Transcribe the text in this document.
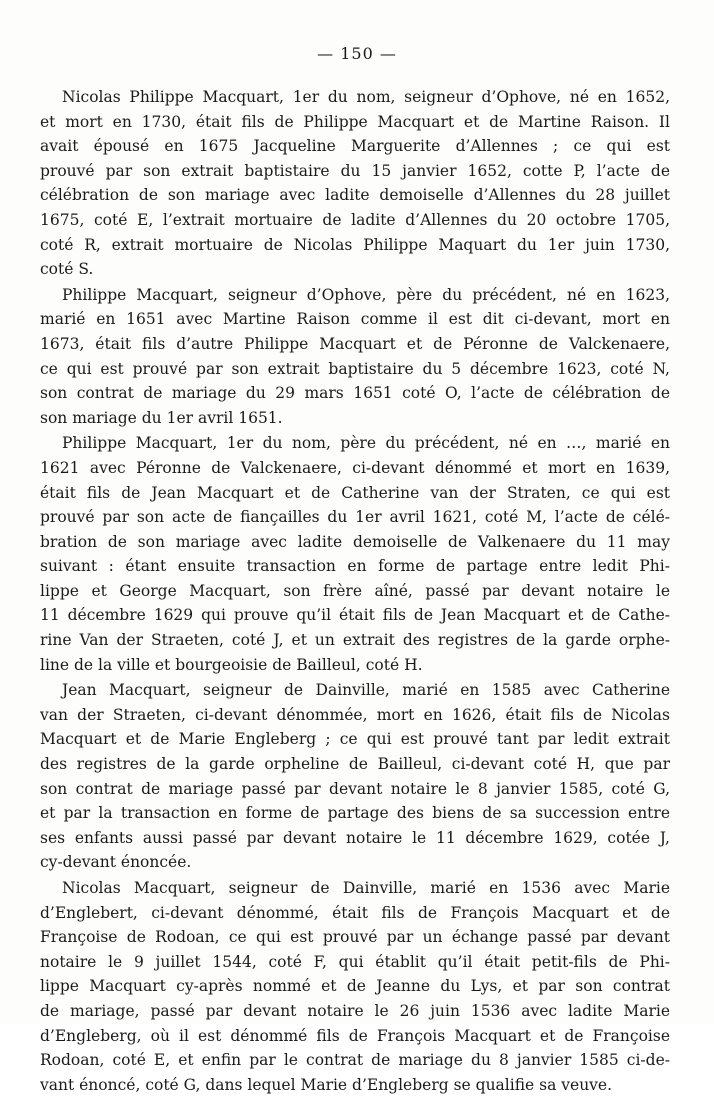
— 150 —

Nicolas Philippe Macquart, 1er du nom, seigneur d’Ophove, né en 1652,
et mort en 1730, était fils de Philippe Macquart et de Martine Raison. Il
avait épousé en 1675 Jacqueline Marguerite d’Allennes ; ce qui est
prouvé par son extrait baptistaire du 15 janvier 1652, cotte P, l’acte de
célébration de son mariage avec ladite demoiselle d’Allennes du 28 juillet
1675, coté E, l’extrait mortuaire de ladite d’Allennes du 20 octobre 1705,
coté R, extrait mortuaire de Nicolas Philippe Maquart du 1er juin 1730,
coté S.

Philippe Macquart, seigneur d’Ophove, père du précédent, né en 1623,
marié en 1651 avec Martine Raison comme il est dit ci-devant, mort en
1673, était fils d’autre Philippe Macquart et de Péronne de Valckenaere,
ce qui est prouvé par son extrait baptistaire du 5 décembre 1623, coté N,
son contrat de mariage du 29 mars 1651 coté O, l’acte de célébration de
son mariage du 1er avril 1651.

Philippe Macquart, 1er du nom, père du précédent, né en …, marié en
1621 avec Péronne de Valckenaere, ci-devant dénommé et mort en 1639,
était fils de Jean Macquart et de Catherine van der Straten, ce qui est
prouvé par son acte de fiançailles du 1er avril 1621, coté M, l’acte de célé-
bration de son mariage avec ladite demoiselle de Valkenaere du 11 may
suivant : étant ensuite transaction en forme de partage entre ledit Phi-
lippe et George Macquart, son frère aîné, passé par devant notaire le
11 décembre 1629 qui prouve qu’il était fils de Jean Macquart et de Cathe-
rine Van der Straeten, coté J, et un extrait des registres de la garde orphe-
line de la ville et bourgeoisie de Bailleul, coté H.

Jean Macquart, seigneur de Dainville, marié en 1585 avec Catherine
van der Straeten, ci-devant dénommée, mort en 1626, était fils de Nicolas
Macquart et de Marie Engleberg ; ce qui est prouvé tant par ledit extrait
des registres de la garde orpheline de Bailleul, ci-devant coté H, que par
son contrat de mariage passé par devant notaire le 8 janvier 1585, coté G,
et par la transaction en forme de partage des biens de sa succession entre
ses enfants aussi passé par devant notaire le 11 décembre 1629, cotée J,
cy-devant énoncée.

Nicolas Macquart, seigneur de Dainville, marié en 1536 avec Marie
d’Englebert, ci-devant dénommé, était fils de François Macquart et de
Françoise de Rodoan, ce qui est prouvé par un échange passé par devant
notaire le 9 juillet 1544, coté F, qui établit qu’il était petit-fils de Phi-
lippe Macquart cy-après nommé et de Jeanne du Lys, et par son contrat
de mariage, passé par devant notaire le 26 juin 1536 avec ladite Marie
d’Engleberg, où il est dénommé fils de François Macquart et de Françoise
Rodoan, coté E, et enfin par le contrat de mariage du 8 janvier 1585 ci-de-
vant énoncé, coté G, dans lequel Marie d’Engleberg se qualifie sa veuve.
